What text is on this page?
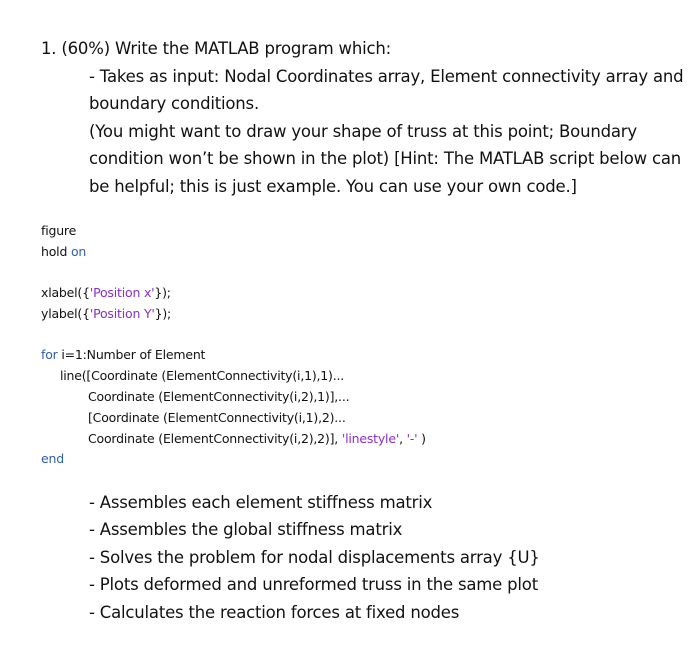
1. (60%) Write the MATLAB program which:
- Takes as input: Nodal Coordinates array, Element connectivity array and
boundary conditions.
(You might want to draw your shape of truss at this point; Boundary
condition won’t be shown in the plot) [Hint: The MATLAB script below can
be helpful; this is just example. You can use your own code.]
figure
hold on
xlabel({'Position x'});
ylabel({'Position Y'});
for i=1:Number of Element
line([Coordinate (ElementConnectivity(i,1),1)...
Coordinate (ElementConnectivity(i,2),1)],...
[Coordinate (ElementConnectivity(i,1),2)...
Coordinate (ElementConnectivity(i,2),2)], 'linestyle', '-' )
end
- Assembles each element stiffness matrix
- Assembles the global stiffness matrix
- Solves the problem for nodal displacements array {U}
- Plots deformed and unreformed truss in the same plot
- Calculates the reaction forces at fixed nodes
